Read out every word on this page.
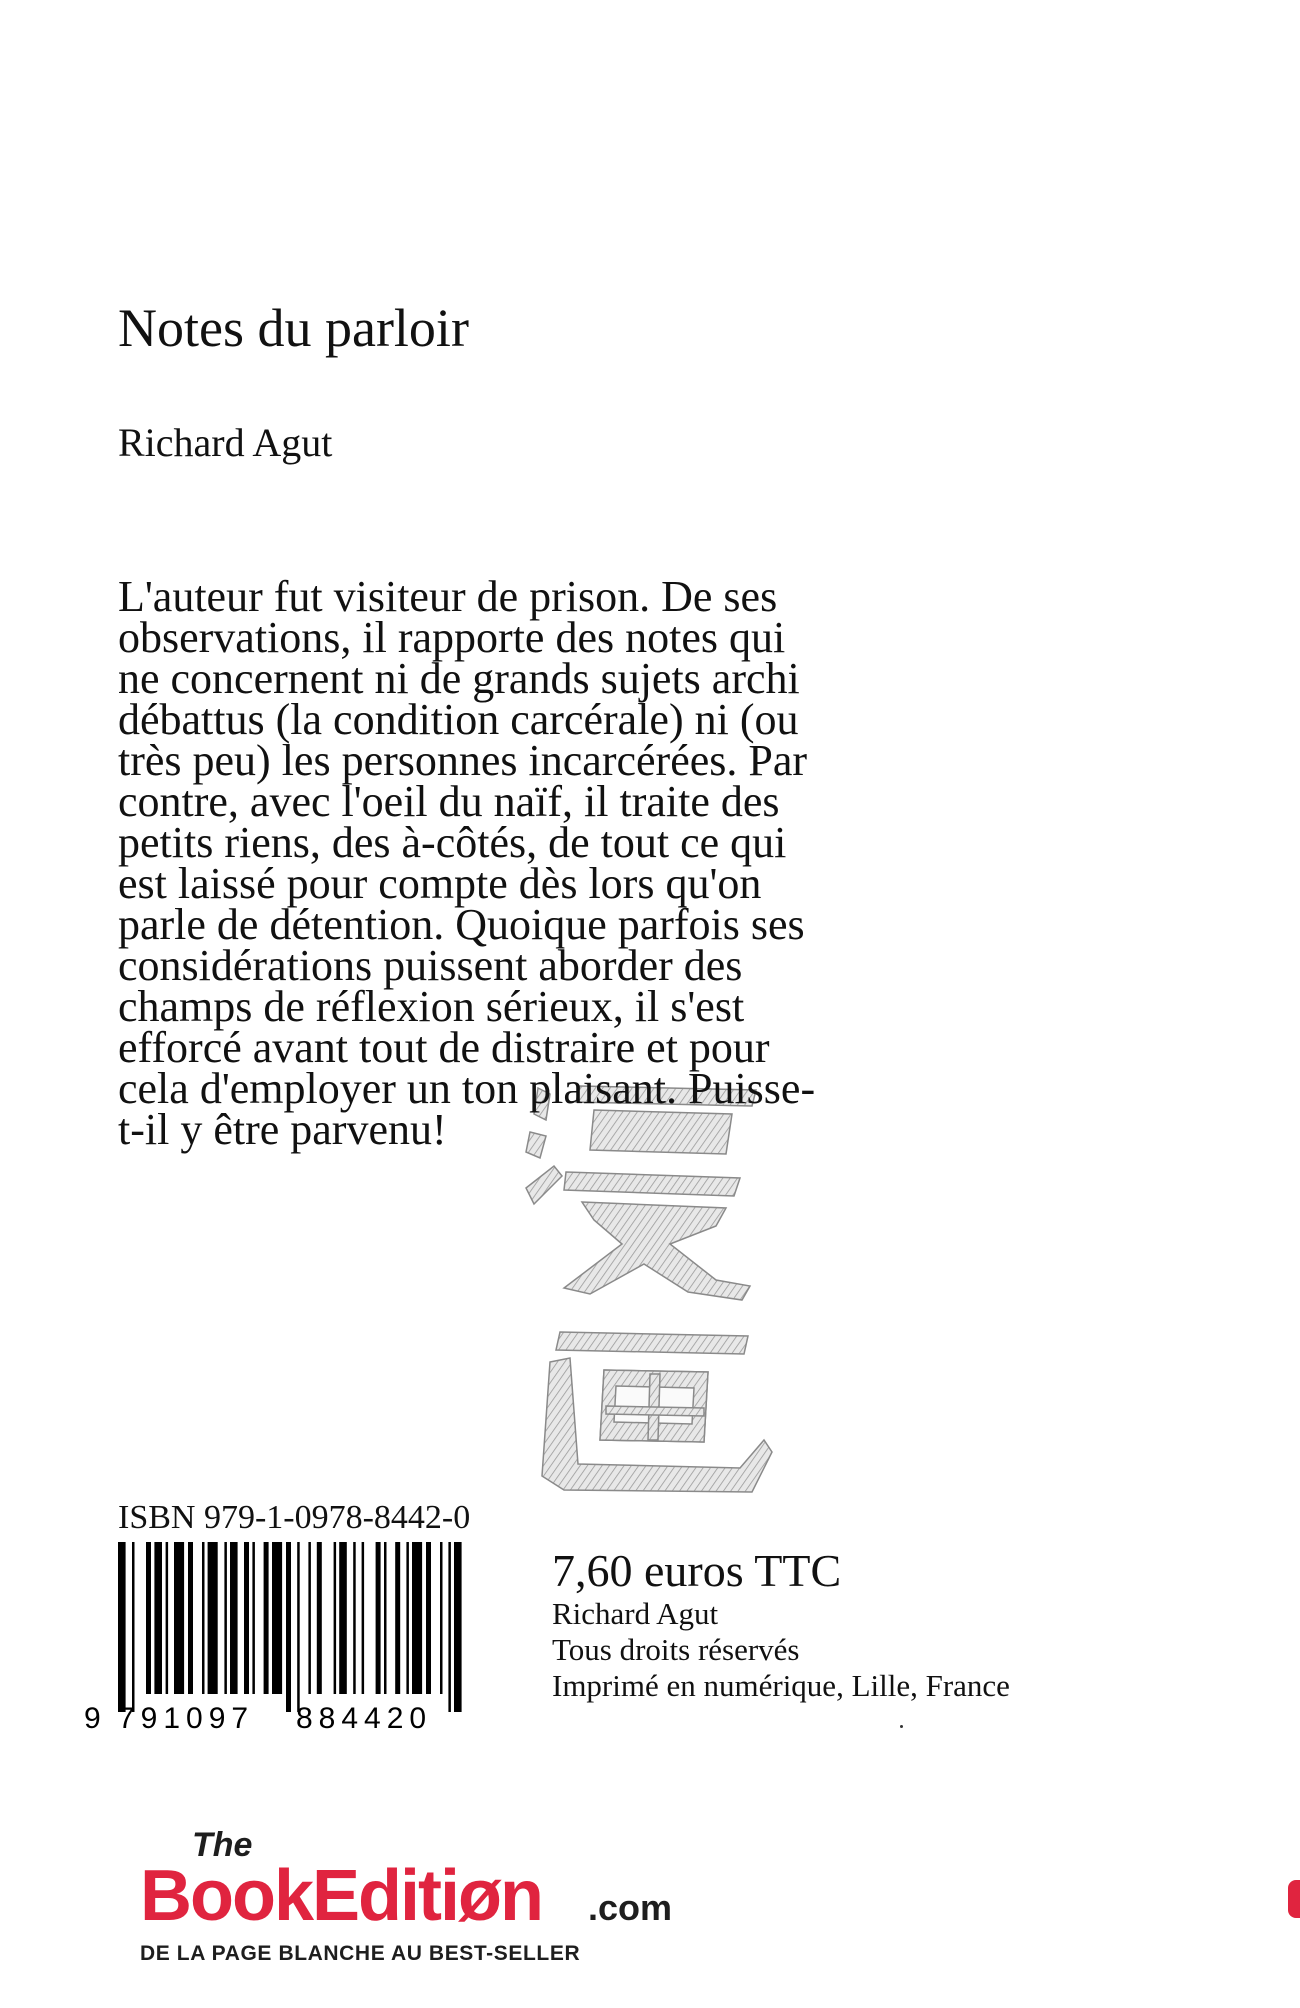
Notes du parloir
Richard Agut
L'auteur fut visiteur de prison. De ses
observations, il rapporte des notes qui
ne concernent ni de grands sujets archi
débattus (la condition carcérale) ni (ou
très peu) les personnes incarcérées. Par
contre, avec l'oeil du naïf, il traite des
petits riens, des à-côtés, de tout ce qui
est laissé pour compte dès lors qu'on
parle de détention. Quoique parfois ses
considérations puissent aborder des
champs de réflexion sérieux, il s'est
efforcé avant tout de distraire et pour
cela d'employer un ton plaisant. Puisse-
t-il y être parvenu!
ISBN 979-1-0978-8442-0
9 791097 884420
7,60 euros TTC
Richard Agut
Tous droits réservés
Imprimé en numérique, Lille, France
The
BookEditiøn .com
DE LA PAGE BLANCHE AU BEST-SELLER
